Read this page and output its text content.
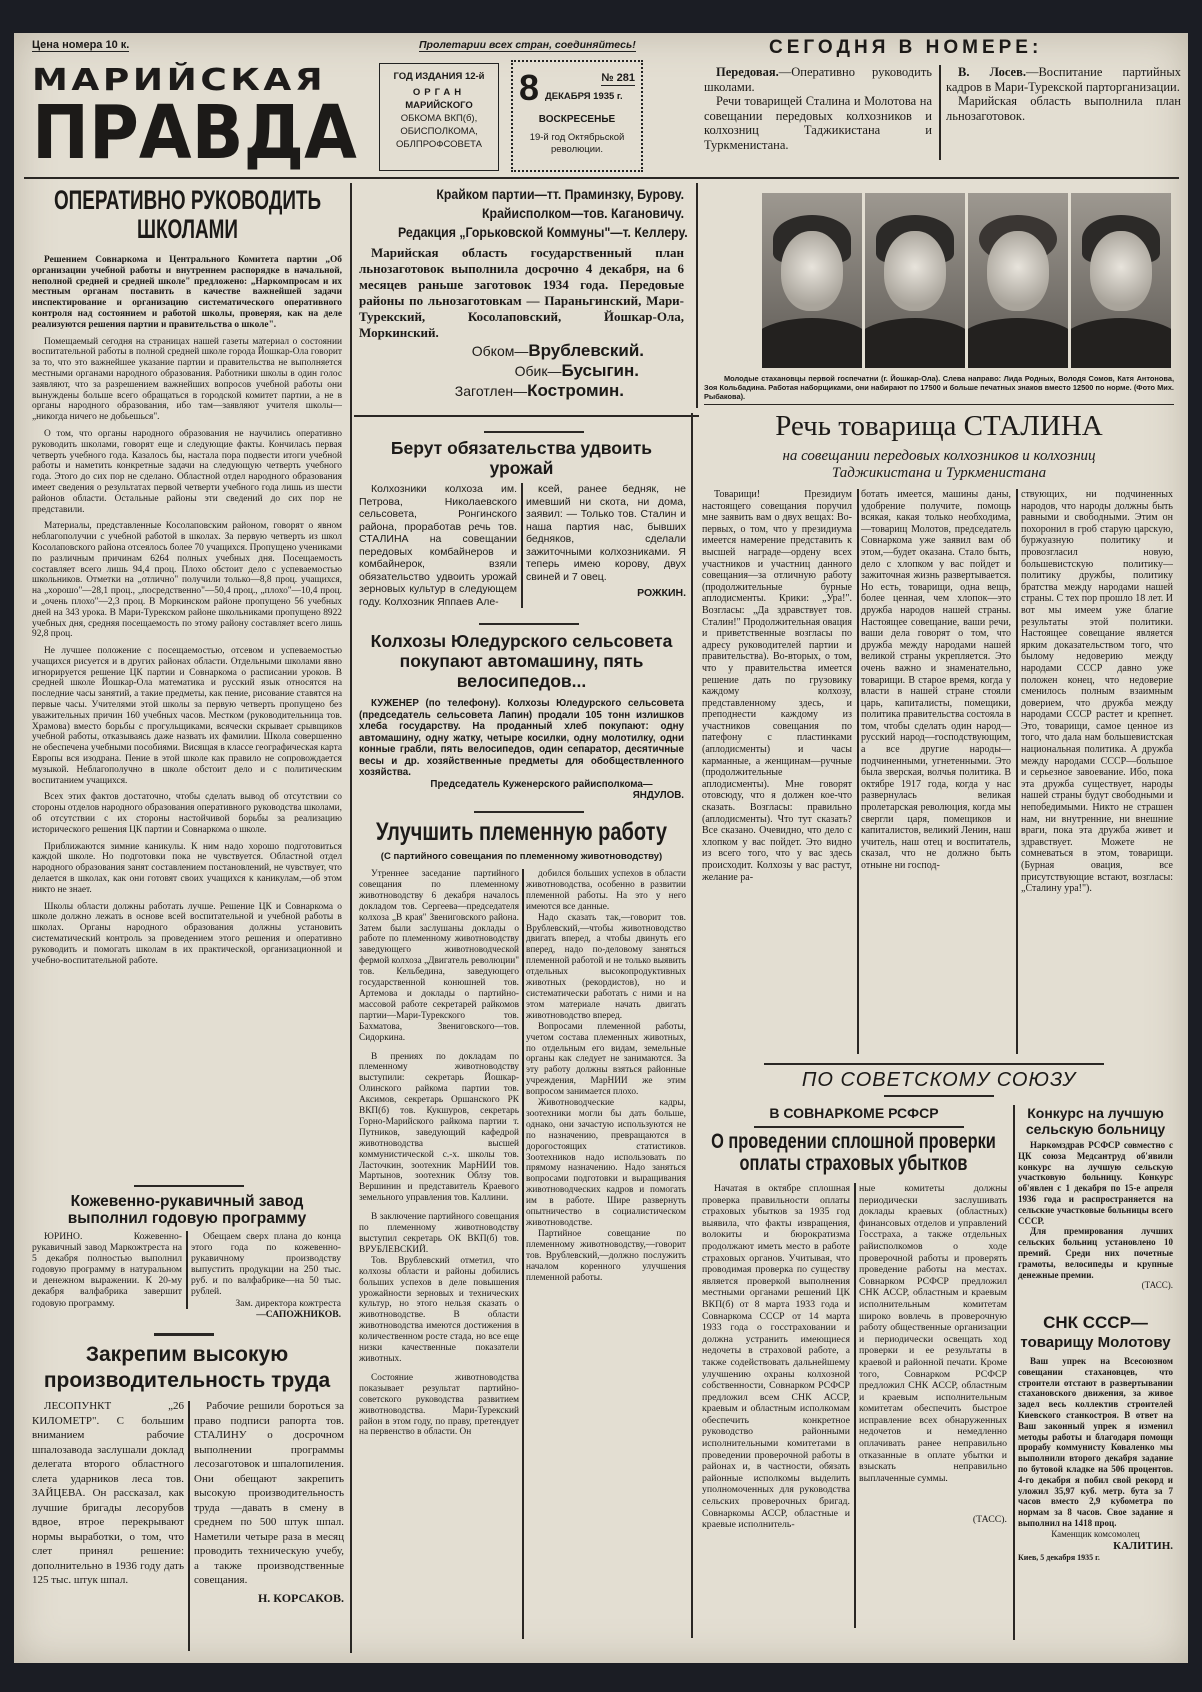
Цена номера 10 к.	Пролетарии всех стран, соединяйтесь!
МАРИЙСКАЯ
ПРАВДА
ГОД ИЗДАНИЯ 12-й
ОРГАН
МАРИЙСКОГО
ОБКОМА ВКП(б),
ОБИСПОЛКОМА,
ОБЛПРОФСОВЕТА
8	№ 281
ДЕКАБРЯ 1935 г.
ВОСКРЕСЕНЬЕ
19-й год Октябрьской революции.
СЕГОДНЯ В НОМЕРЕ:

Передовая.—Оперативно руководить школами.

Речи товарищей Сталина и Молотова на совещании передовых колхозников и колхозниц Таджикистана и Туркменистана.

В. Лосев.—Воспитание партийных кадров в Мари-Турекской парторганизации.

Марийская область выполнила план льнозаготовок.

ОПЕРАТИВНО РУКОВОДИТЬ ШКОЛАМИ

Решением Совнаркома и Центрального Комитета партии „Об организации учебной работы и внутреннем распорядке в начальной, неполной средней и средней школе" предложено: „Наркомпросам и их местным органам поставить в качестве важнейшей задачи инспектирование и организацию систематического оперативного контроля над состоянием и работой школы, проверяя, как на деле реализуются решения партии и правительства о школе".

Помещаемый сегодня на страницах нашей газеты материал о состоянии воспитательной работы в полной средней школе города Йошкар-Ола говорит за то, что это важнейшее указание партии и правительства не выполняется местными органами народного образования. Работники школы в один голос заявляют, что за разрешением важнейших вопросов учебной работы они вынуждены больше всего обращаться в городской комитет партии, а не в органы народного образования, ибо там—заявляют учителя школы— „никогда ничего не добьешься".

О том, что органы народного образования не научились оперативно руководить школами, говорят еще и следующие факты. Кончилась первая четверть учебного года. Казалось бы, настала пора подвести итоги учебной работы и наметить конкретные задачи на следующую четверть учебного года. Этого до сих пор не сделано. Областной отдел народного образования имеет сведения о результатах первой четверти учебного года лишь из шести районов области. Остальные районы эти сведений до сих пор не представили.

Материалы, представленные Косолаповским районом, говорят о явном неблагополучии с учебной работой в школах. За первую четверть из школ Косолаповского района отсеялось более 70 учащихся. Пропущено учениками по различным причинам 6264 полных учебных дня. Посещаемость составляет всего лишь 94,4 проц. Плохо обстоит дело с успеваемостью школьников. Отметки на „отлично" получили только—8,8 проц. учащихся, на „хорошо"—28,1 проц., „посредственно"—50,4 проц., „плохо"—10,4 проц. и „очень плохо"—2,3 проц. В Моркинском районе пропущено 56 учебных дней на 343 урока. В Мари-Турекском районе школьниками пропущено 8922 учебных дня, средняя посещаемость по этому району составляет всего лишь 92,8 проц.

Не лучшее положение с посещаемостью, отсевом и успеваемостью учащихся рисуется и в других районах области. Отдельными школами явно игнорируется решение ЦК партии и Совнаркома о расписании уроков. В средней школе Йошкар-Ола математика и русский язык относятся на последние часы занятий, а такие предметы, как пение, рисование ставятся на первые часы. Учителями этой школы за первую четверть пропущено без уважительных причин 160 учебных часов. Местком (руководительница тов. Храмова) вместо борьбы с прогульщиками, всячески скрывает срывщиков учебной работы, отказываясь даже назвать их фамилии. Школа совершенно не обеспечена учебными пособиями. Висящая в классе географическая карта Европы вся изодрана. Пение в этой школе как правило не сопровождается музыкой. Неблагополучно в школе обстоит дело и с политическим воспитанием учащихся.

Всех этих фактов достаточно, чтобы сделать вывод об отсутствии со стороны отделов народного образования оперативного руководства школами, об отсутствии с их стороны настойчивой борьбы за реализацию исторического решения ЦК партии и Совнаркома о школе.

Приближаются зимние каникулы. К ним надо хорошо подготовиться каждой школе. Но подготовки пока не чувствуется. Областной отдел народного образования занят составлением постановлений, не чувствует, что делается в школах, как они готовят своих учащихся к каникулам,—об этом никто не знает.

Школы области должны работать лучше. Решение ЦК и Совнаркома о школе должно лежать в основе всей воспитательной и учебной работы в школах. Органы народного образования должны установить систематический контроль за проведением этого решения и оперативно руководить и помогать школам в их практической, организационной и учебно-воспитательной работе.

Кожевенно-рукавичный завод выполнил годовую программу

ЮРИНО. Кожевенно-рукавичный завод Маркожтреста на 5 декабря полностью выполнил годовую программу в натуральном и денежном выражении. К 20-му декабря валфабрика завершит годовую программу.

Обещаем сверх плана до конца этого года по кожевенно-рукавичному производству выпустить продукции на 250 тыс. руб. и по валфабрике—на 50 тыс. рублей.

Зам. директора кожтреста

—САПОЖНИКОВ.

Закрепим высокую
производительность труда

ЛЕСОПУНКТ „26 КИЛОМЕТР". С большим вниманием рабочие шпалозавода заслушали доклад делегата второго областного слета ударников леса тов. ЗАЙЦЕВА. Он рассказал, как лучшие бригады лесорубов вдвое, втрое перекрывают нормы выработки, о том, что слет принял решение: дополнительно в 1936 году дать 125 тыс. штук шпал.

Рабочие решили бороться за право подписи рапорта тов. СТАЛИНУ о досрочном выполнении программы лесозаготовок и шпалопиления. Они обещают закрепить высокую производительность труда —давать в смену в среднем по 500 штук шпал. Наметили четыре раза в месяц проводить техническую учебу, а также производственные совещания.

Н. КОРСАКОВ.

Крайком партии—тт. Праминзку, Бурову.
Крайисполком—тов. Кагановичу.
Редакция „Горьковской Коммуны"—т. Келлеру.

Марийская область государственный план льнозаготовок выполнила досрочно 4 декабря, на 6 месяцев раньше заготовок 1934 года. Передовые районы по льнозаготовкам — Параньгинский, Мари-Турекский, Косолаповский, Йошкар-Ола, Моркинский.

Обком—Врублевский.
Обик—Бусыгин.
Заготлен—Костромин.
Берут обязательства удвоить урожай

Колхозники колхоза им. Петрова, Николаевского сельсовета, Ронгинского района, проработав речь тов. СТАЛИНА на совещании передовых комбайнеров и комбайнерок, взяли обязательство удвоить урожай зерновых культур в следующем году. Колхозник Яппаев Але-

ксей, ранее бедняк, не имевший ни скота, ни дома, заявил: — Только тов. Сталин и наша партия нас, бывших бедняков, сделали зажиточными колхозниками. Я теперь имею корову, двух свиней и 7 овец.

РОЖКИН.

Колхозы Юледурского сельсовета покупают автомашину, пять велосипедов...

КУЖЕНЕР (по телефону). Колхозы Юледурского сельсовета (председатель сельсовета Лапин) продали 105 тонн излишков хлеба государству. На проданный хлеб покупают: одну автомашину, одну жатку, четыре косилки, одну молотилку, одни конные грабли, пять велосипедов, один сепаратор, десятичные весы и др. хозяйственные предметы для обобществленного хозяйства.

Председатель Куженерского райисполкома—

ЯНДУЛОВ.

Улучшить племенную работу
(С партийного совещания по племенному животноводству)

Утреннее заседание партийного совещания по племенному животноводству 6 декабря началось докладом тов. Сергеева—председателя колхоза „В края" Звениговского района. Затем были заслушаны доклады о работе по племенному животноводству заведующего животноводческой фермой колхоза „Двигатель революции" тов. Кельбедина, заведующего государственной конюшней тов. Артемова и доклады о партийно-массовой работе секретарей райкомов партии—Мари-Турекского тов. Бахматова, Звениговского—тов. Сидоркина.

В прениях по докладам по племенному животноводству выступили: секретарь Йошкар-Олинского райкома партии тов. Аксимов, секретарь Оршанского РК ВКП(б) тов. Кукшуров, секретарь Горно-Марийского райкома партии т. Путников, заведующий кафедрой животноводства высшей коммунистической с.-х. школы тов. Ласточкин, зоотехник МарНИИ тов. Мартынов, зоотехник Облзу тов. Вершинин и представитель Краевого земельного управления тов. Каллини.

В заключение партийного совещания по племенному животноводству выступил секретарь ОК ВКП(б) тов. ВРУБЛЕВСКИЙ.

Тов. Врублевский отметил, что колхозы области и районы добились больших успехов в деле повышения урожайности зерновых и технических культур, но этого нельзя сказать о животноводстве. В области животноводства имеются достижения в количественном росте стада, но все еще низки качественные показатели животных.

Состояние животноводства показывает результат партийно-советского руководства развитием животноводства. Мари-Турекский район в этом году, по праву, претендует на первенство в области. Он

добился больших успехов в области животноводства, особенно в развитии племенной работы. На это у него имеются все данные.

Надо сказать так,—говорит тов. Врублевский,—чтобы животноводство двигать вперед, а чтобы двинуть его вперед, надо по-деловому заняться племенной работой и не только выявить отдельных высокопродуктивных животных (рекордистов), но и систематически работать с ними и на этом материале начать двигать животноводство вперед.

Вопросами племенной работы, учетом состава племенных животных, по отдельным его видам, земельные органы как следует не занимаются. За эту работу должны взяться районные учреждения, МарНИИ же этим вопросом занимается плохо.

Животноводческие кадры, зоотехники могли бы дать больше, однако, они зачастую используются не по назначению, превращаются в дорогостоящих статистиков. Зоотехников надо использовать по прямому назначению. Надо заняться вопросами подготовки и выращивания животноводческих кадров и помогать им в работе. Шире развернуть опытничество в социалистическом животноводстве.

Партийное совещание по племенному животноводству,—говорит тов. Врублевский,—должно послужить началом коренного улучшения племенной работы.

Молодые стахановцы первой госпечатни (г. Йошкар-Ола). Слева направо: Лида Родных, Володя Сомов, Катя Антонова, Зоя Кольбадина. Работая наборщиками, они набирают по 17500 и больше печатных знаков вместо 12500 по норме. (Фото Мих. Рыбакова).
Речь товарища СТАЛИНА
на совещании передовых колхозников и колхозниц Таджикистана и Туркменистана

Товарищи! Президиум настоящего совещания поручил мне заявить вам о двух вещах: Во-первых, о том, что у президиума имеется намерение представить к высшей награде—ордену всех участников и участниц данного совещания—за отличную работу (продолжительные бурные аплодисменты. Крики: „Ура!". Возгласы: „Да здравствует тов. Сталин!" Продолжительная овация и приветственные возгласы по адресу руководителей партии и правительства). Во-вторых, о том, что у правительства имеется решение дать по грузовику каждому колхозу, представленному здесь, и преподнести каждому из участников совещания по патефону с пластинками (аплодисменты) и часы карманные, а женщинам—ручные (продолжительные аплодисменты). Мне говорят отовсюду, что я должен кое-что сказать. Возгласы: правильно (аплодисменты). Что тут сказать? Все сказано. Очевидно, что дело с хлопком у вас пойдет. Это видно из всего того, что у вас здесь происходит. Колхозы у вас растут, желание ра-

ботать имеется, машины даны, удобрение получите, помощь всякая, какая только необходима,—товарищ Молотов, председатель Совнаркома уже заявил вам об этом,—будет оказана. Стало быть, дело с хлопком у вас пойдет и зажиточная жизнь развертывается. Но есть, товарищи, одна вещь, более ценная, чем хлопок—это дружба народов нашей страны. Настоящее совещание, ваши речи, ваши дела говорят о том, что дружба между народами нашей великой страны укрепляется. Это очень важно и знаменательно, товарищи. В старое время, когда у власти в нашей стране стояли царь, капиталисты, помещики, политика правительства состояла в том, чтобы сделать один народ—русский народ—господствующим, а все другие народы—подчиненными, угнетенными. Это была зверская, волчья политика. В октябре 1917 года, когда у нас развернулась великая пролетарская революция, когда мы свергли царя, помещиков и капиталистов, великий Ленин, наш учитель, наш отец и воспитатель, сказал, что не должно быть отныне ни господ-

ствующих, ни подчиненных народов, что народы должны быть равными и свободными. Этим он похоронил в гроб старую царскую, буржуазную политику и провозгласил новую, большевистскую политику—политику дружбы, политику братства между народами нашей страны. С тех пор прошло 18 лет. И вот мы имеем уже благие результаты этой политики. Настоящее совещание является ярким доказательством того, что былому недоверию между народами СССР давно уже положен конец, что недоверие сменилось полным взаимным доверием, что дружба между народами СССР растет и крепнет. Это, товарищи, самое ценное из того, что дала нам большевистская национальная политика. А дружба между народами СССР—большое и серьезное завоевание. Ибо, пока эта дружба существует, народы нашей страны будут свободными и непобедимыми. Никто не страшен нам, ни внутренние, ни внешние враги, пока эта дружба живет и здравствует. Можете не сомневаться в этом, товарищи. (Бурная овация, все присутствующие встают, возгласы: „Сталину ура!").

ПО СОВЕТСКОМУ СОЮЗУ
В СОВНАРКОМЕ РСФСР
О проведении сплошной проверки оплаты страховых убытков

Начатая в октябре сплошная проверка правильности оплаты страховых убытков за 1935 год выявила, что факты извращения, волокиты и бюрократизма продолжают иметь место в работе страховых органов. Учитывая, что проводимая проверка по существу является проверкой выполнения местными органами решений ЦК ВКП(б) от 8 марта 1933 года и Совнаркома СССР от 14 марта 1933 года о госстраховании и должна устранить имеющиеся недочеты в страховой работе, а также содействовать дальнейшему улучшению охраны колхозной собственности, Совнарком РСФСР предложил всем СНК АССР, краевым и областным исполкомам обеспечить конкретное руководство районными исполнительными комитетами в проведении проверочной работы в районах и, в частности, обязать районные исполкомы выделить уполномоченных для руководства сельских проверочных бригад. Совнаркомы АССР, областные и краевые исполнитель-

ные комитеты должны периодически заслушивать доклады краевых (областных) финансовых отделов и управлений Госстраха, а также отдельных райисполкомов о ходе проверочной работы и проверять проведение работы на местах. Совнарком РСФСР предложил СНК АССР, областным и краевым исполнительным комитетам широко вовлечь в проверочную работу общественные организации и периодически освещать ход проверки и ее результаты в краевой и районной печати. Кроме того, Совнарком РСФСР предложил СНК АССР, областным и краевым исполнительным комитетам обеспечить быстрое исправление всех обнаруженных недочетов и немедленно оплачивать ранее неправильно отказанные в оплате убытки и взыскать неправильно выплаченные суммы.

(ТАСС).

Конкурс на лучшую сельскую больницу

Наркомздрав РСФСР совместно с ЦК союза Медсантруд об'явили конкурс на лучшую сельскую участковую больницу. Конкурс об'явлен с 1 декабря по 15-е апреля 1936 года и распространяется на сельские участковые больницы всего СССР.

Для премирования лучших сельских больниц установлено 10 премий. Среди них почетные грамоты, велосипеды и крупные денежные премии.

(ТАСС).

СНК СССР—
товарищу Молотову

Ваш упрек на Всесоюзном совещании стахановцев, что строители отстают в развертывании стахановского движения, за живое задел весь коллектив строителей Киевского станкостроя. В ответ на Ваш законный упрек я изменил методы работы и благодаря помощи прорабу коммунисту Коваленко мы выполнили второго декабря задание по бутовой кладке на 506 процентов. 4-го декабря я побил свой рекорд и уложил 35,97 куб. метр. бута за 7 часов вместо 2,9 кубометра по нормам за 8 часов. Свое задание я выполнил на 1418 проц.

Каменщик комсомолец

КАЛИТИН.

Киев, 5 декабря 1935 г.
